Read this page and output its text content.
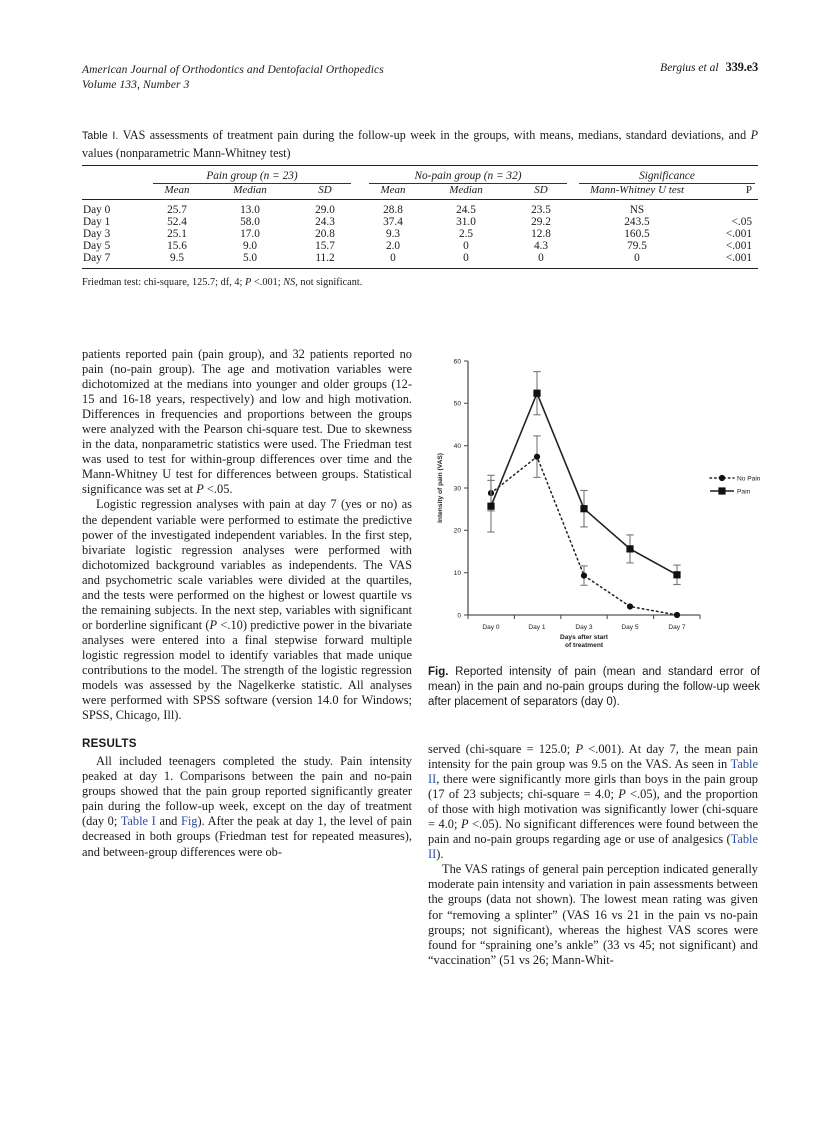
American Journal of Orthodontics and Dentofacial Orthopedics	Bergius et al 339.e3
Volume 133, Number 3
Table I. VAS assessments of treatment pain during the follow-up week in the groups, with means, medians, standard deviations, and P values (nonparametric Mann-Whitney test)

	Pain group (n = 23)			No-pain group (n = 32)			Significance	

	Mean	Median	SD	Mean	Median	SD	Mann-Whitney U test	P

Day 0	25.7	13.0	29.0	28.8	24.5	23.5	NS	
Day 1	52.4	58.0	24.3	37.4	31.0	29.2	243.5	<.05
Day 3	25.1	17.0	20.8	9.3	2.5	12.8	160.5	<.001
Day 5	15.6	9.0	15.7	2.0	0	4.3	79.5	<.001
Day 7	9.5	5.0	11.2	0	0	0	0	<.001

Friedman test: chi-square, 125.7; df, 4; P <.001; NS, not significant.

patients reported pain (pain group), and 32 patients reported no pain (no-pain group). The age and motivation variables were dichotomized at the medians into younger and older groups (12-15 and 16-18 years, respectively) and low and high motivation. Differences in frequencies and proportions between the groups were analyzed with the Pearson chi-square test. Due to skewness in the data, nonparametric statistics were used. The Friedman test was used to test for within-group differences over time and the Mann-Whitney U test for differences between groups. Statistical significance was set at P <.05.

Logistic regression analyses with pain at day 7 (yes or no) as the dependent variable were performed to estimate the predictive power of the investigated independent variables. In the first step, bivariate logistic regression analyses were performed with dichotomized background variables as independents. The VAS and psychometric scale variables were divided at the quartiles, and the tests were performed on the highest or lowest quartile vs the remaining subjects. In the next step, variables with significant or borderline significant (P <.10) predictive power in the bivariate analyses were entered into a final stepwise forward multiple logistic regression model to identify variables that made unique contributions to the model. The strength of the logistic regression models was assessed by the Nagelkerke statistic. All analyses were performed with SPSS software (version 14.0 for Windows; SPSS, Chicago, Ill).

RESULTS

All included teenagers completed the study. Pain intensity peaked at day 1. Comparisons between the pain and no-pain groups showed that the pain group reported significantly greater pain during the follow-up week, except on the day of treatment (day 0; Table I and Fig). After the peak at day 1, the level of pain decreased in both groups (Friedman test for repeated measures), and between-group differences were ob-

0
10
20
30
40
50
60
Intensity of pain (VAS)
Day 0	Day 1	Day 3	Day 5	Day 7
Days after start
of treatment
No Pain
Pain
Fig. Reported intensity of pain (mean and standard error of mean) in the pain and no-pain groups during the follow-up week after placement of separators (day 0).

served (chi-square = 125.0; P <.001). At day 7, the mean pain intensity for the pain group was 9.5 on the VAS. As seen in Table II, there were significantly more girls than boys in the pain group (17 of 23 subjects; chi-square = 4.0; P <.05), and the proportion of those with high motivation was significantly lower (chi-square = 4.0; P <.05). No significant differences were found between the pain and no-pain groups regarding age or use of analgesics (Table II).

The VAS ratings of general pain perception indicated generally moderate pain intensity and variation in pain assessments between the groups (data not shown). The lowest mean rating was given for “removing a splinter” (VAS 16 vs 21 in the pain vs no-pain groups; not significant), whereas the highest VAS scores were found for “spraining one’s ankle” (33 vs 45; not significant) and “vaccination” (51 vs 26; Mann-Whit-
